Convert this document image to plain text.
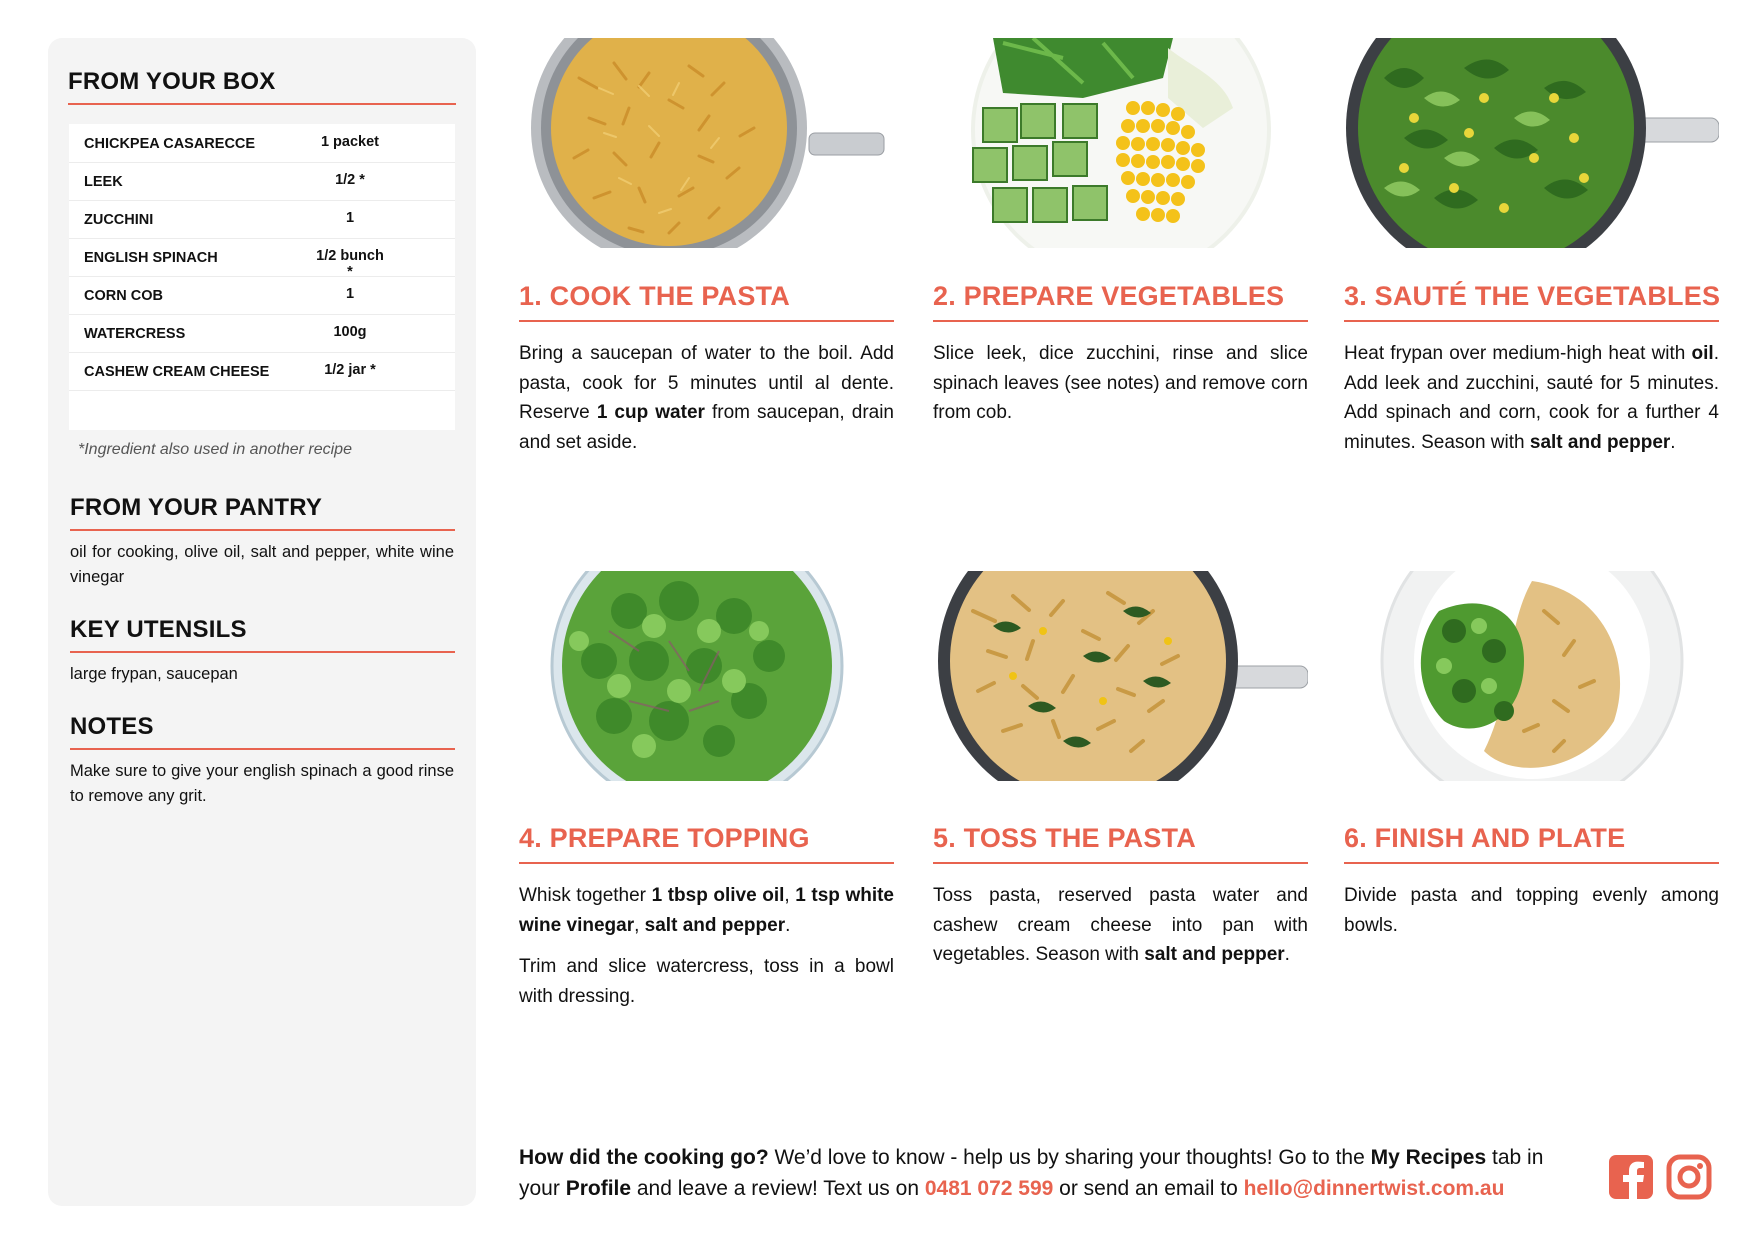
FROM YOUR BOX
CHICKPEA CASARECCE	1 packet
LEEK	1/2 *
ZUCCHINI	1
ENGLISH SPINACH	1/2 bunch *
CORN COB	1
WATERCRESS	100g
CASHEW CREAM CHEESE	1/2 jar *
*Ingredient also used in another recipe
FROM YOUR PANTRY
oil for cooking, olive oil, salt and pepper, white wine vinegar
KEY UTENSILS
large frypan, saucepan
NOTES
Make sure to give your english spinach a good rinse to remove any grit.
1. COOK THE PASTA	2. PREPARE VEGETABLES 3. SAUTÉ THE VEGETABLES
4. PREPARE TOPPING	5. TOSS THE PASTA	6. FINISH AND PLATE
How did the cooking go? We’d love to know - help us by sharing your thoughts! Go to the My Recipes tab in your Profile and leave a review! Text us on 0481 072 599 or send an email to hello@dinnertwist.com.au

Bring a saucepan of water to the boil. Add pasta, cook for 5 minutes until al dente. Reserve 1 cup water from saucepan, drain and set aside.

Slice leek, dice zucchini, rinse and slice spinach leaves (see notes) and remove corn from cob.

Heat frypan over medium-high heat with oil. Add leek and zucchini, sauté for 5 minutes. Add spinach and corn, cook for a further 4 minutes. Season with salt and pepper.

Whisk together 1 tbsp olive oil, 1 tsp white wine vinegar, salt and pepper.

Trim and slice watercress, toss in a bowl with dressing.

Toss pasta, reserved pasta water and cashew cream cheese into pan with vegetables. Season with salt and pepper.

Divide pasta and topping evenly among bowls.
